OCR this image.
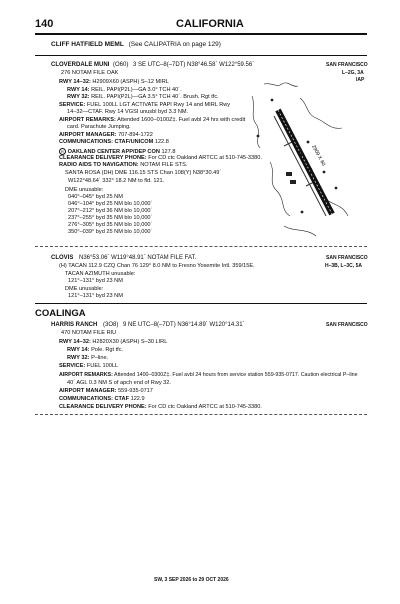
140	CALIFORNIA
CLIFF HATFIELD MEML (See CALIPATRIA on page 129)
CLOVERDALE MUNI (O60) 3 SE UTC–8(–7DT) N38°46.58´ W122°59.56´	SAN FRANCISCO
276 NOTAM FILE OAK	L–2G, 3A
IAP
RWY 14–32: H2909X60 (ASPH) S–12 MIRL
RWY 14: REIL. PAPI(P2L)—GA 3.0° TCH 40´.
RWY 32: REIL. PAPI(P2L)—GA 3.5° TCH 40´. Brush. Rgt tfc.
SERVICE: FUEL 100LL LGT ACTIVATE PAPI Rwy 14 and MIRL Rwy
14–32—CTAF. Rwy 14 VGSI unusbl byd 3.3 NM.
AIRPORT REMARKS: Attended 1600–0100Z‡. Fuel avbl 24 hrs with credit
card. Parachute Jumping.
AIRPORT MANAGER: 707-894-1722
COMMUNICATIONS: CTAF/UNICOM 122.8
R OAKLAND CENTER APP/DEP CON 127.8
CLEARANCE DELIVERY PHONE: For CD ctc Oakland ARTCC at 510-745-3380.
RADIO AIDS TO NAVIGATION: NOTAM FILE STS.
SANTA ROSA (DH) DME 116.15 STS Chan 108(Y) N38°30.49´
W122°48.64´ 332° 18.2 NM to fld. 121.
DME unusable:
040°–045° byd 25 NM
046°–104° byd 25 NM blo 10,000´
207°–212° byd 36 NM blo 10,000´
237°–255° byd 35 NM blo 10,000´
276°–305° byd 35 NM blo 10,000´
350°–039° byd 25 NM blo 10,000´
2909 X 60
CLOVIS N36°53.06´ W119°48.91´ NOTAM FILE FAT.	SAN FRANCISCO
(H) TACAN 112.9 CZQ Chan 76 129° 8.0 NM to Fresno Yosemite Intl. 359/15E.	H–3B, L–3C, 5A
TACAN AZIMUTH unusable:
121°–131° byd 23 NM
DME unusable:
121°–131° byd 23 NM
COALINGA
HARRIS RANCH (3O8) 9 NE UTC–8(–7DT) N36°14.89´ W120°14.31´	SAN FRANCISCO
470 NOTAM FILE RIU
RWY 14–32: H2820X30 (ASPH) S–30 LIRL
RWY 14: Pole. Rgt tfc.
RWY 32: P–line.
SERVICE: FUEL 100LL
AIRPORT REMARKS: Attended 1400–0300Z‡. Fuel avbl 24 hours from service station 559-935-0717. Caution electrical P–line
40´ AGL 0.3 NM S of apch end of Rwy 32.
AIRPORT MANAGER: 559-935-0717
COMMUNICATIONS: CTAF 122.9
CLEARANCE DELIVERY PHONE: For CD ctc Oakland ARTCC at 510-745-3380.
SW, 3 SEP 2026 to 29 OCT 2026
